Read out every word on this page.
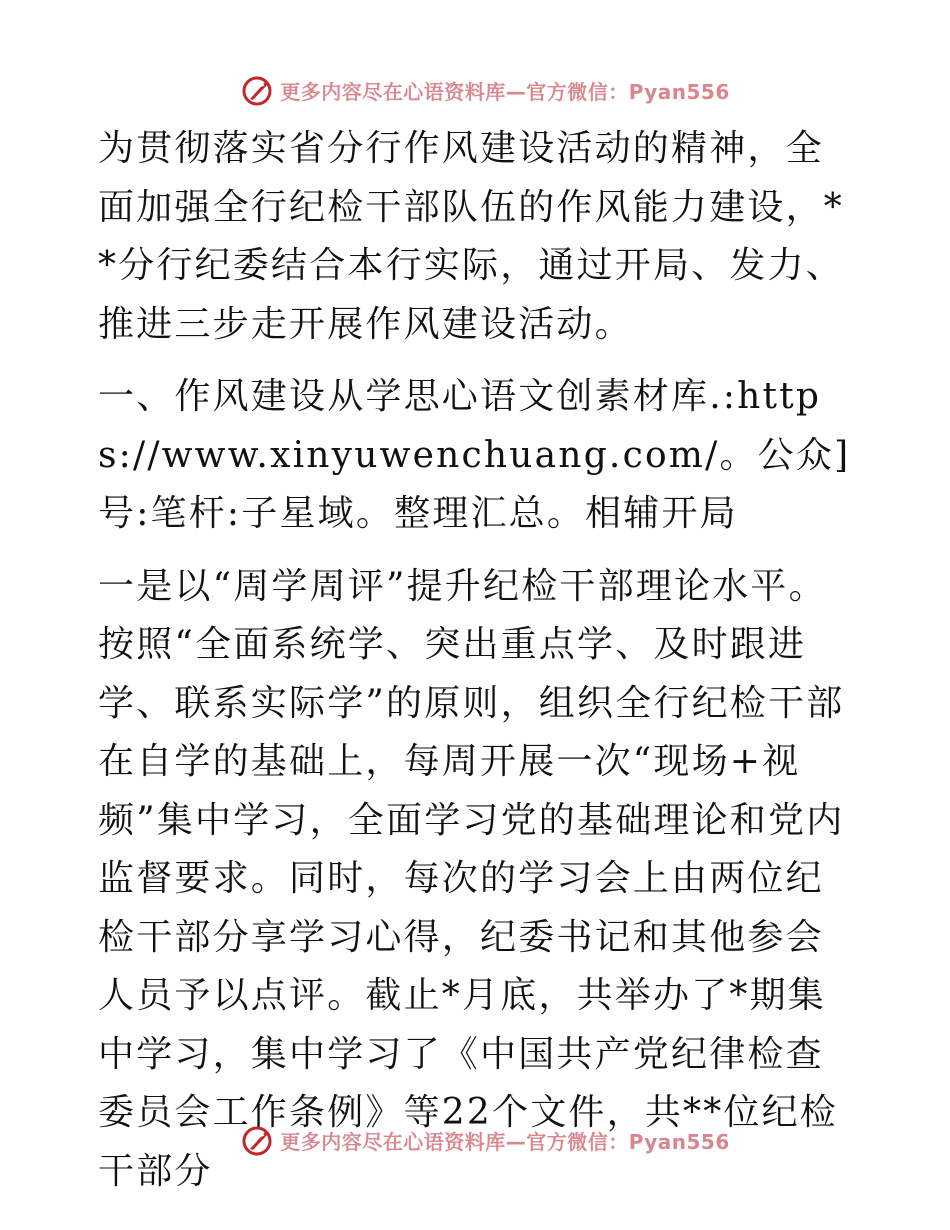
更多内容尽在心语资料库—官方微信：Pyan556

为贯彻落实省分行作风建设活动的精神，全面加强全行纪检干部队伍的作风能力建设，**分行纪委结合本行实际，通过开局、发力、推进三步走开展作风建设活动。

一、作风建设从学思心语文创素材库.:https://www.xinyuwenchuang.com/。公众]号:笔杆:子星域。整理汇总。相辅开局

一是以“周学周评”提升纪检干部理论水平。按照“全面系统学、突出重点学、及时跟进学、联系实际学”的原则，组织全行纪检干部在自学的基础上，每周开展一次“现场+视频”集中学习，全面学习党的基础理论和党内监督要求。同时，每次的学习会上由两位纪检干部分享学习心得，纪委书记和其他参会人员予以点评。截止*月底，共举办了*期集中学习，集中学习了《中国共产党纪律检查委员会工作条例》等22个文件，共**位纪检干部分

更多内容尽在心语资料库—官方微信：Pyan556
